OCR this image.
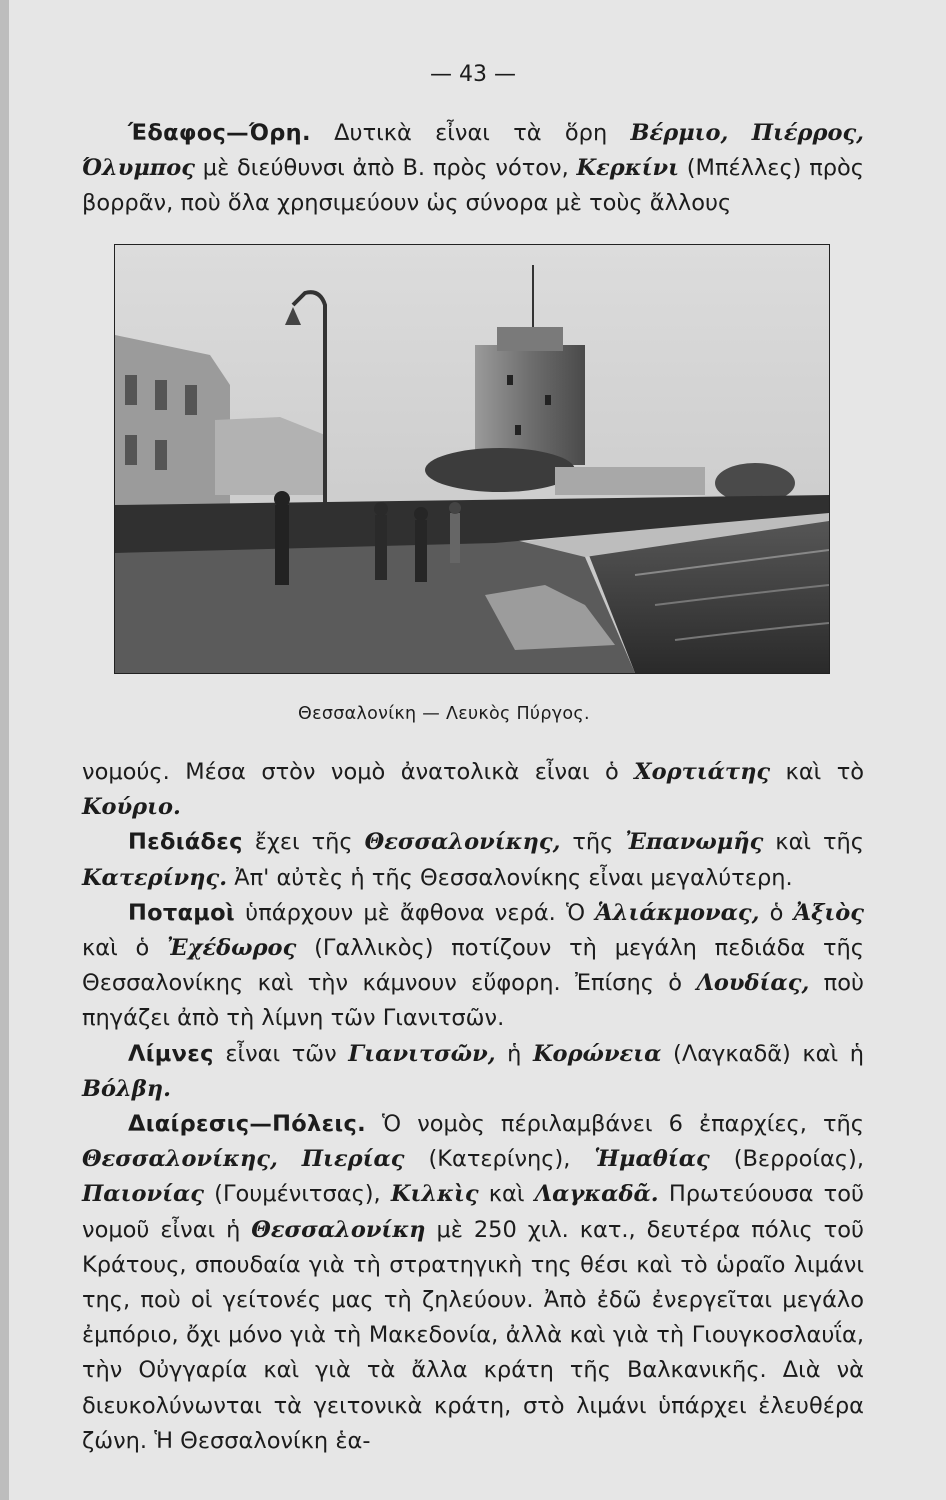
— 43 —

Έδαφος—Όρη. Δυτικὰ εἶναι τὰ ὅρη Βέρμιο, Πιέρρος, Όλυμπος μὲ διεύθυνσι ἀπὸ Β. πρὸς νότον, Κερκίνι (Μπέλλες) πρὸς βορρᾶν, ποὺ ὅλα χρησιμεύουν ὡς σύνορα μὲ τοὺς ἄλλους

Θεσσαλονίκη — Λευκὸς Πύργος.

νομούς. Μέσα στὸν νομὸ ἀνατολικὰ εἶναι ὁ Χορτιάτης καὶ τὸ Κούριο.

Πεδιάδες ἔχει τῆς Θεσσαλονίκης, τῆς Ἐπανωμῆς καὶ τῆς Κατερίνης. Ἀπ' αὐτὲς ἡ τῆς Θεσσαλονίκης εἶναι μεγαλύτερη.

Ποταμοὶ ὑπάρχουν μὲ ἄφθονα νερά. Ὁ Ἁλιάκμονας, ὁ Ἀξιὸς καὶ ὁ Ἐχέδωρος (Γαλλικὸς) ποτίζουν τὴ μεγάλη πεδιάδα τῆς Θεσσαλονίκης καὶ τὴν κάμνουν εὔφορη. Ἐπίσης ὁ Λουδίας, ποὺ πηγάζει ἀπὸ τὴ λίμνη τῶν Γιανιτσῶν.

Λίμνες εἶναι τῶν Γιανιτσῶν, ἡ Κορώνεια (Λαγκαδᾶ) καὶ ἡ Βόλβη.

Διαίρεσις—Πόλεις. Ὁ νομὸς πέριλαμβάνει 6 ἐπαρχίες, τῆς Θεσσαλονίκης, Πιερίας (Κατερίνης), Ἡμαθίας (Βερροίας), Παιονίας (Γουμένιτσας), Κιλκὶς καὶ Λαγκαδᾶ. Πρωτεύουσα τοῦ νομοῦ εἶναι ἡ Θεσσαλονίκη μὲ 250 χιλ. κατ., δευτέρα πόλις τοῦ Κράτους, σπουδαία γιὰ τὴ στρατηγικὴ της θέσι καὶ τὸ ὡραῖο λιμάνι της, ποὺ οἱ γείτονές μας τὴ ζηλεύουν. Ἀπὸ ἐδῶ ἐνεργεῖται μεγάλο ἐμπόριο, ὄχι μόνο γιὰ τὴ Μακεδονία, ἀλλὰ καὶ γιὰ τὴ Γιουγκοσλαυΐα, τὴν Οὐγγαρία καὶ γιὰ τὰ ἄλλα κράτη τῆς Βαλκανικῆς. Διὰ νὰ διευκολύνωνται τὰ γειτονικὰ κράτη, στὸ λιμάνι ὑπάρχει ἐλευθέρα ζώνη. Ἡ Θεσσαλονίκη ἑα-
